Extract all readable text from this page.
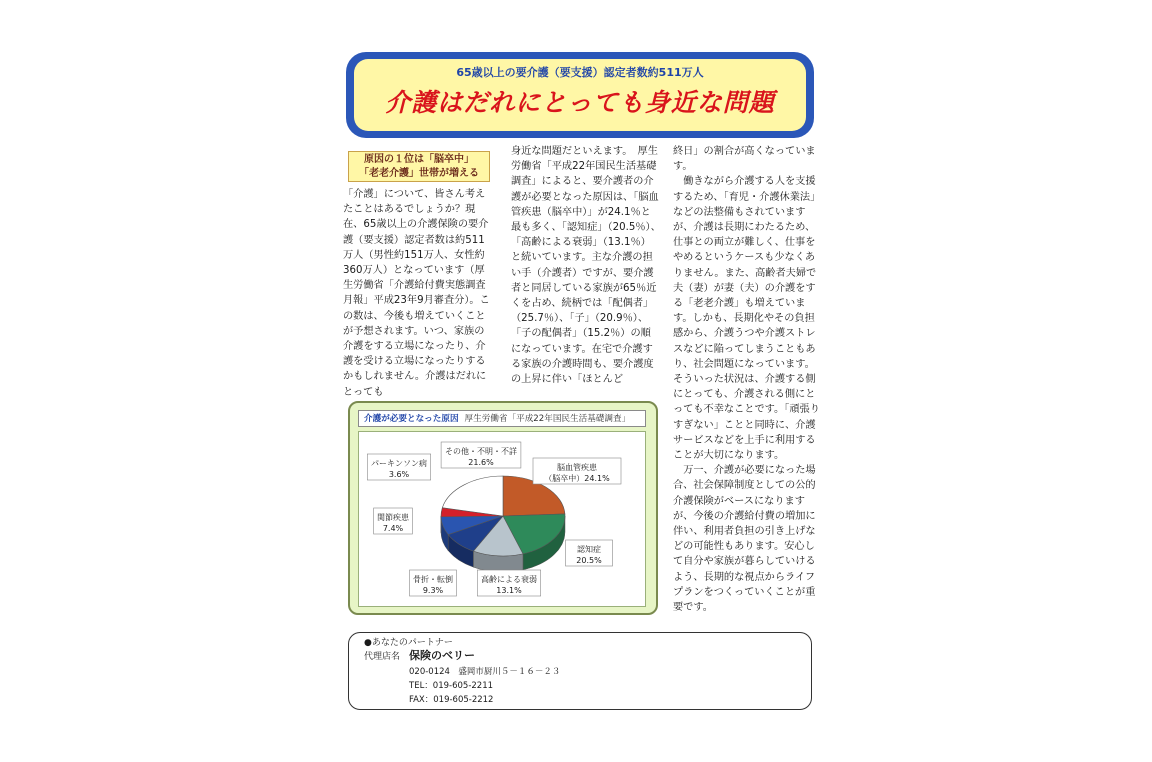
65歳以上の要介護（要支援）認定者数約511万人
介護はだれにとっても身近な問題
原因の１位は「脳卒中」
「老老介護」世帯が増える

「介護」について、皆さん考えたことはあるでしょうか？現在、65歳以上の介護保険の要介護（要支援）認定者数は約511万人（男性約151万人、女性約360万人）となっています（厚生労働省「介護給付費実態調査月報」平成23年9月審査分）。この数は、今後も増えていくことが予想されます。いつ、家族の介護をする立場になったり、介護を受ける立場になったりするかもしれません。介護はだれにとっても

身近な問題だといえます。　厚生労働省「平成22年国民生活基礎調査」によると、要介護者の介護が必要となった原因は、「脳血管疾患（脳卒中）」が24.1％と最も多く、「認知症」（20.5％）、「高齢による衰弱」（13.1％）と続いています。主な介護の担い手（介護者）ですが、要介護者と同居している家族が65％近くを占め、続柄では「配偶者」（25.7％）、「子」（20.9％）、「子の配偶者」（15.2％）の順になっています。在宅で介護する家族の介護時間も、要介護度の上昇に伴い「ほとんど

終日」の割合が高くなっています。

働きながら介護する人を支援するため、「育児・介護休業法」などの法整備もされていますが、介護は長期にわたるため、仕事との両立が難しく、仕事をやめるというケースも少なくありません。また、高齢者夫婦で夫（妻）が妻（夫）の介護をする「老老介護」も増えています。しかも、長期化やその負担感から、介護うつや介護ストレスなどに陥ってしまうこともあり、社会問題になっています。そういった状況は、介護する側にとっても、介護される側にとっても不幸なことです。「頑張りすぎない」ことと同時に、介護サービスなどを上手に利用することが大切になります。

万一、介護が必要になった場合、社会保障制度としての公的介護保険がベースになりますが、今後の介護給付費の増加に伴い、利用者負担の引き上げなどの可能性もあります。安心して自分や家族が暮らしていけるよう、長期的な視点からライフプランをつくっていくことが重要です。

介護が必要となった原因 厚生労働省「平成22年国民生活基礎調査」
脳血管疾患
（脳卒中）24.1%
認知症
20.5%
高齢による衰弱
13.1%
骨折・転倒
9.3%
関節疾患
7.4%
パーキンソン病
3.6%
その他・不明・不詳
21.6%
●あなたのパートナー
代理店名 保険のベリー
020-0124　盛岡市厨川５－１６－２３
TEL：019-605-2211
FAX：019-605-2212
